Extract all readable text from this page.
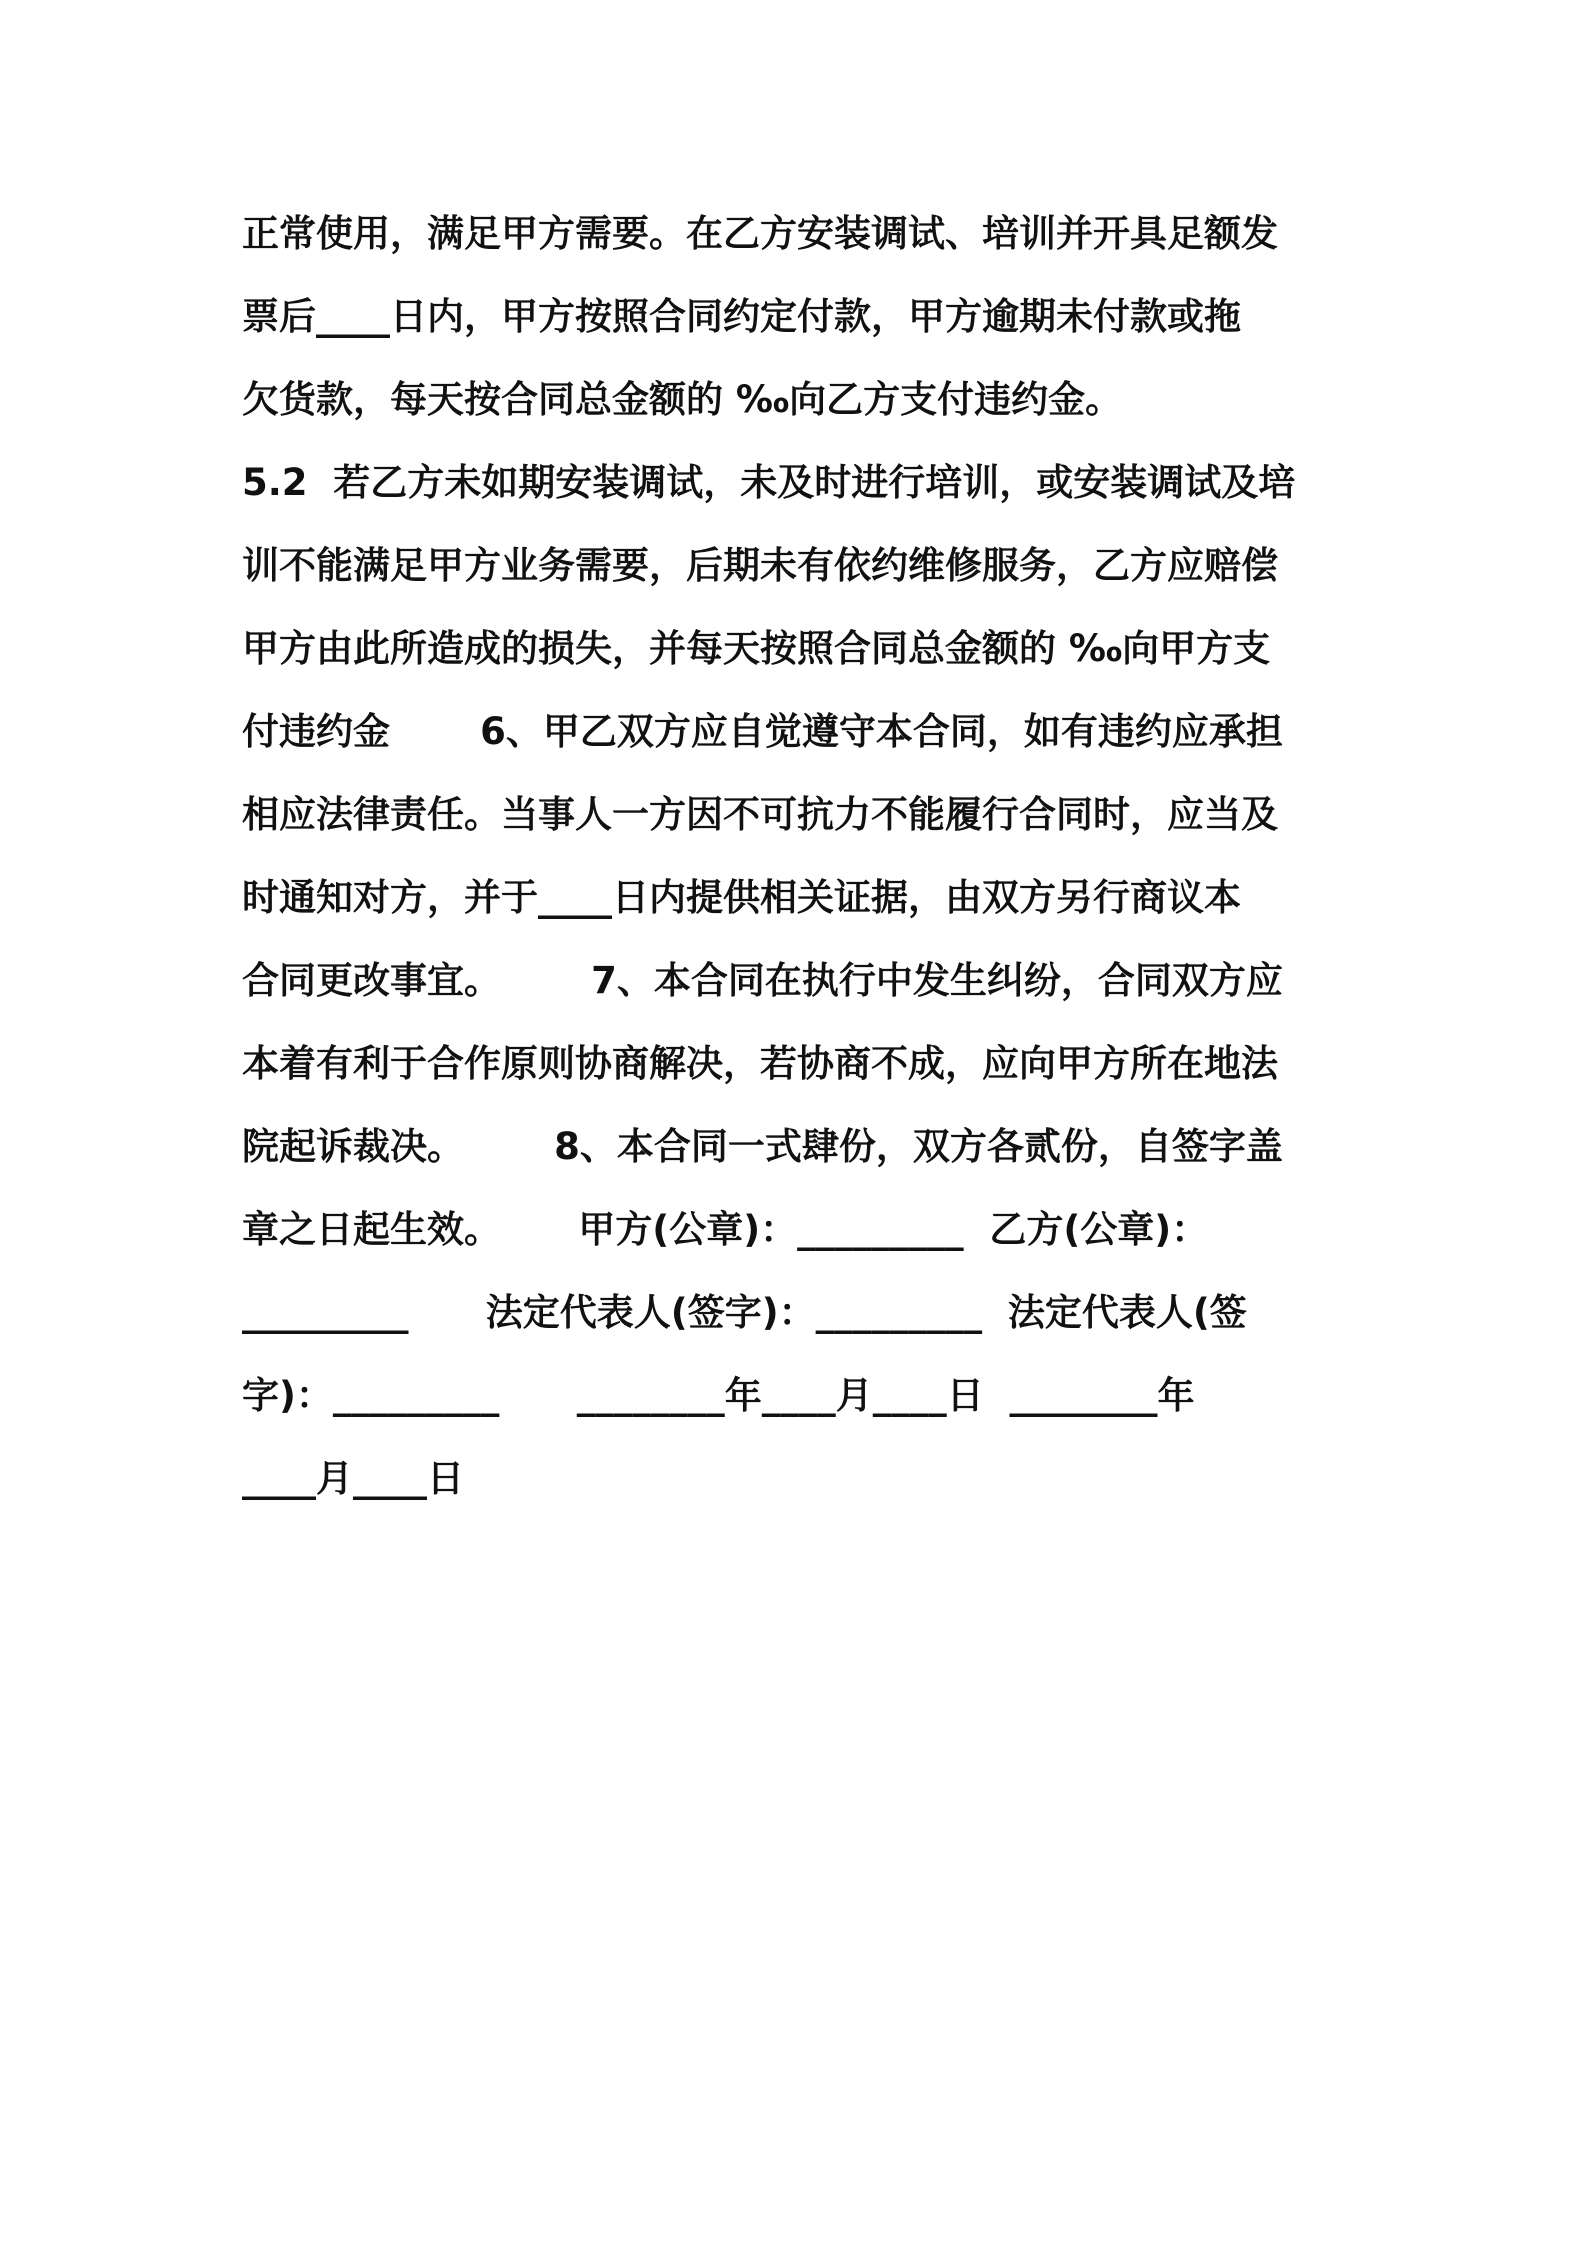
正常使用，满足甲方需要。在乙方安装调试、培训并开具足额发
票后____日内，甲方按照合同约定付款，甲方逾期未付款或拖
欠货款，每天按合同总金额的 ‰向乙方支付违约金。
5.2  若乙方未如期安装调试，未及时进行培训，或安装调试及培
训不能满足甲方业务需要，后期未有依约维修服务，乙方应赔偿
甲方由此所造成的损失，并每天按照合同总金额的 ‰向甲方支
付违约金       6、甲乙双方应自觉遵守本合同，如有违约应承担
相应法律责任。当事人一方因不可抗力不能履行合同时，应当及
时通知对方，并于____日内提供相关证据，由双方另行商议本
合同更改事宜。       7、本合同在执行中发生纠纷，合同双方应
本着有利于合作原则协商解决，若协商不成，应向甲方所在地法
院起诉裁决。       8、本合同一式肆份，双方各贰份，自签字盖
章之日起生效。      甲方(公章)：_________  乙方(公章)：
_________      法定代表人(签字)：_________  法定代表人(签
字)：_________      ________年____月____日  ________年
____月____日
